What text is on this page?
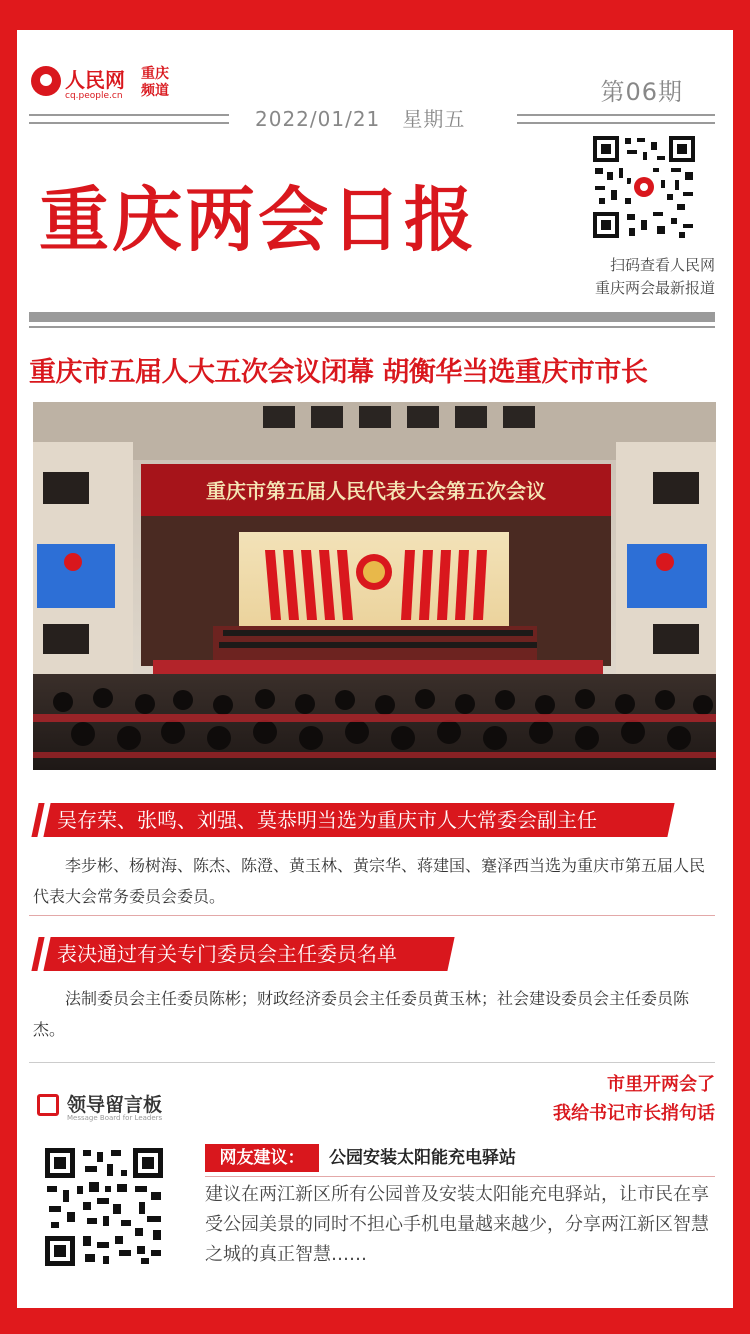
人民网
cq.people.cn
重庆频道	第06期
2022/01/21 星期五
重庆两会日报
扫码查看人民网
重庆两会最新报道
重庆市五届人大五次会议闭幕 胡衡华当选重庆市市长
重庆市第五届人民代表大会第五次会议
吴存荣、张鸣、刘强、莫恭明当选为重庆市人大常委会副主任
李步彬、杨树海、陈杰、陈澄、黄玉林、黄宗华、蒋建国、蹇泽西当选为重庆市第五届人民代表大会常务委员会委员。
表决通过有关专门委员会主任委员名单
法制委员会主任委员陈彬；财政经济委员会主任委员黄玉林；社会建设委员会主任委员陈杰。
领导留言板
Message Board for Leaders
市里开两会了
我给书记市长捎句话
网友建议：	公园安装太阳能充电驿站
建议在两江新区所有公园普及安装太阳能充电驿站，让市民在享受公园美景的同时不担心手机电量越来越少，分享两江新区智慧之城的真正智慧……
